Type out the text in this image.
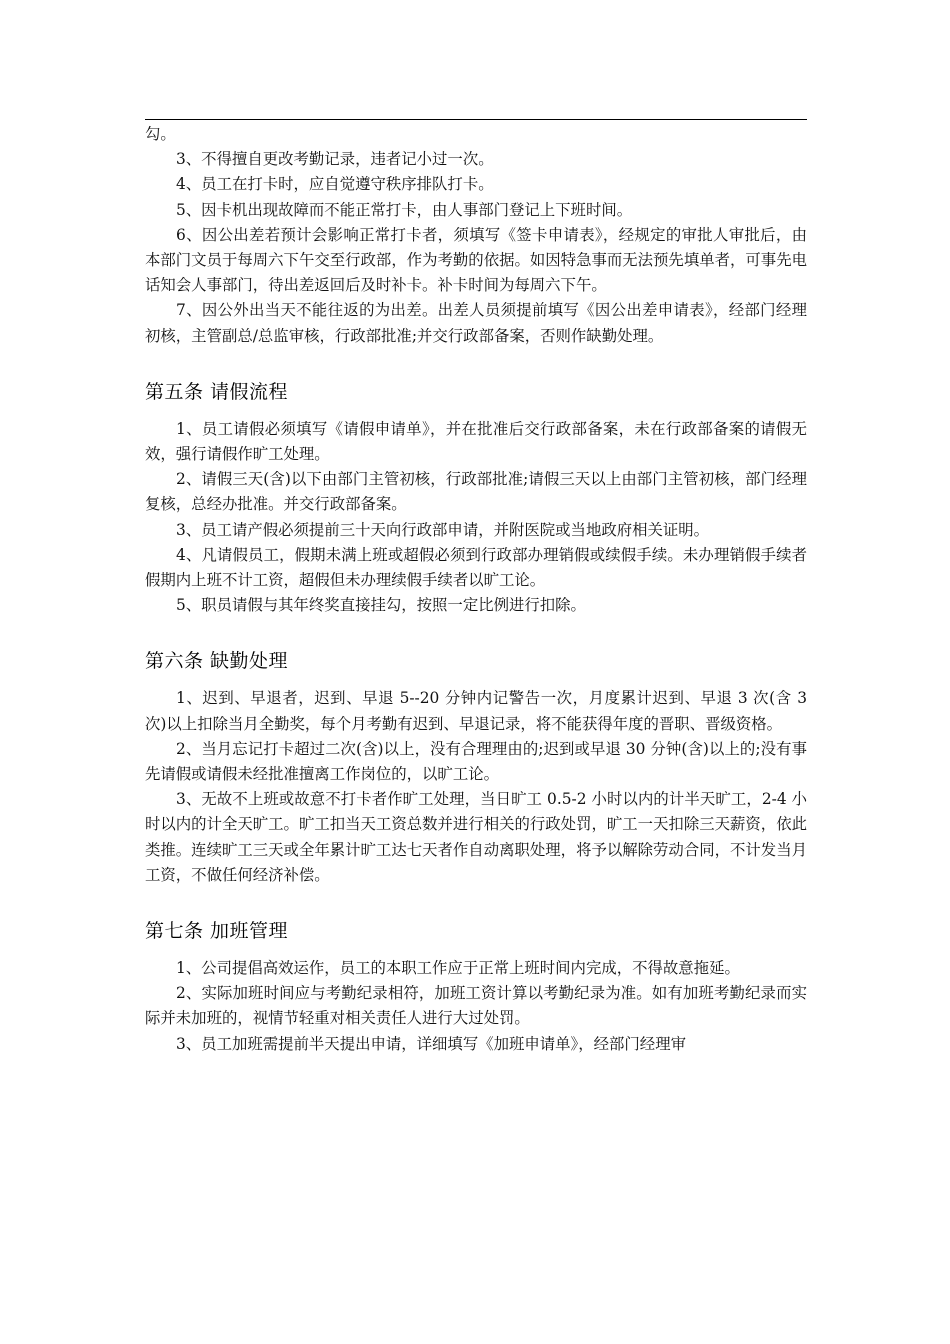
勾。

3、不得擅自更改考勤记录，违者记小过一次。

4、员工在打卡时，应自觉遵守秩序排队打卡。

5、因卡机出现故障而不能正常打卡，由人事部门登记上下班时间。

6、因公出差若预计会影响正常打卡者，须填写《签卡申请表》，经规定的审批人审批后，由本部门文员于每周六下午交至行政部，作为考勤的依据。如因特急事而无法预先填单者，可事先电话知会人事部门，待出差返回后及时补卡。补卡时间为每周六下午。

7、因公外出当天不能往返的为出差。出差人员须提前填写《因公出差申请表》，经部门经理初核，主管副总/总监审核，行政部批准;并交行政部备案，否则作缺勤处理。

第五条 请假流程

1、员工请假必须填写《请假申请单》，并在批准后交行政部备案，未在行政部备案的请假无效，强行请假作旷工处理。

2、请假三天(含)以下由部门主管初核，行政部批准;请假三天以上由部门主管初核，部门经理复核，总经办批准。并交行政部备案。

3、员工请产假必须提前三十天向行政部申请，并附医院或当地政府相关证明。

4、凡请假员工，假期未满上班或超假必须到行政部办理销假或续假手续。未办理销假手续者假期内上班不计工资，超假但未办理续假手续者以旷工论。

5、职员请假与其年终奖直接挂勾，按照一定比例进行扣除。

第六条 缺勤处理

1、迟到、早退者，迟到、早退 5--20 分钟内记警告一次，月度累计迟到、早退 3 次(含 3 次)以上扣除当月全勤奖，每个月考勤有迟到、早退记录，将不能获得年度的晋职、晋级资格。

2、当月忘记打卡超过二次(含)以上，没有合理理由的;迟到或早退 30 分钟(含)以上的;没有事先请假或请假未经批准擅离工作岗位的，以旷工论。

3、无故不上班或故意不打卡者作旷工处理，当日旷工 0.5-2 小时以内的计半天旷工，2-4 小时以内的计全天旷工。旷工扣当天工资总数并进行相关的行政处罚，旷工一天扣除三天薪资，依此类推。连续旷工三天或全年累计旷工达七天者作自动离职处理，将予以解除劳动合同，不计发当月工资，不做任何经济补偿。

第七条 加班管理

1、公司提倡高效运作，员工的本职工作应于正常上班时间内完成，不得故意拖延。

2、实际加班时间应与考勤纪录相符，加班工资计算以考勤纪录为准。如有加班考勤纪录而实际并未加班的，视情节轻重对相关责任人进行大过处罚。

3、员工加班需提前半天提出申请，详细填写《加班申请单》，经部门经理审
